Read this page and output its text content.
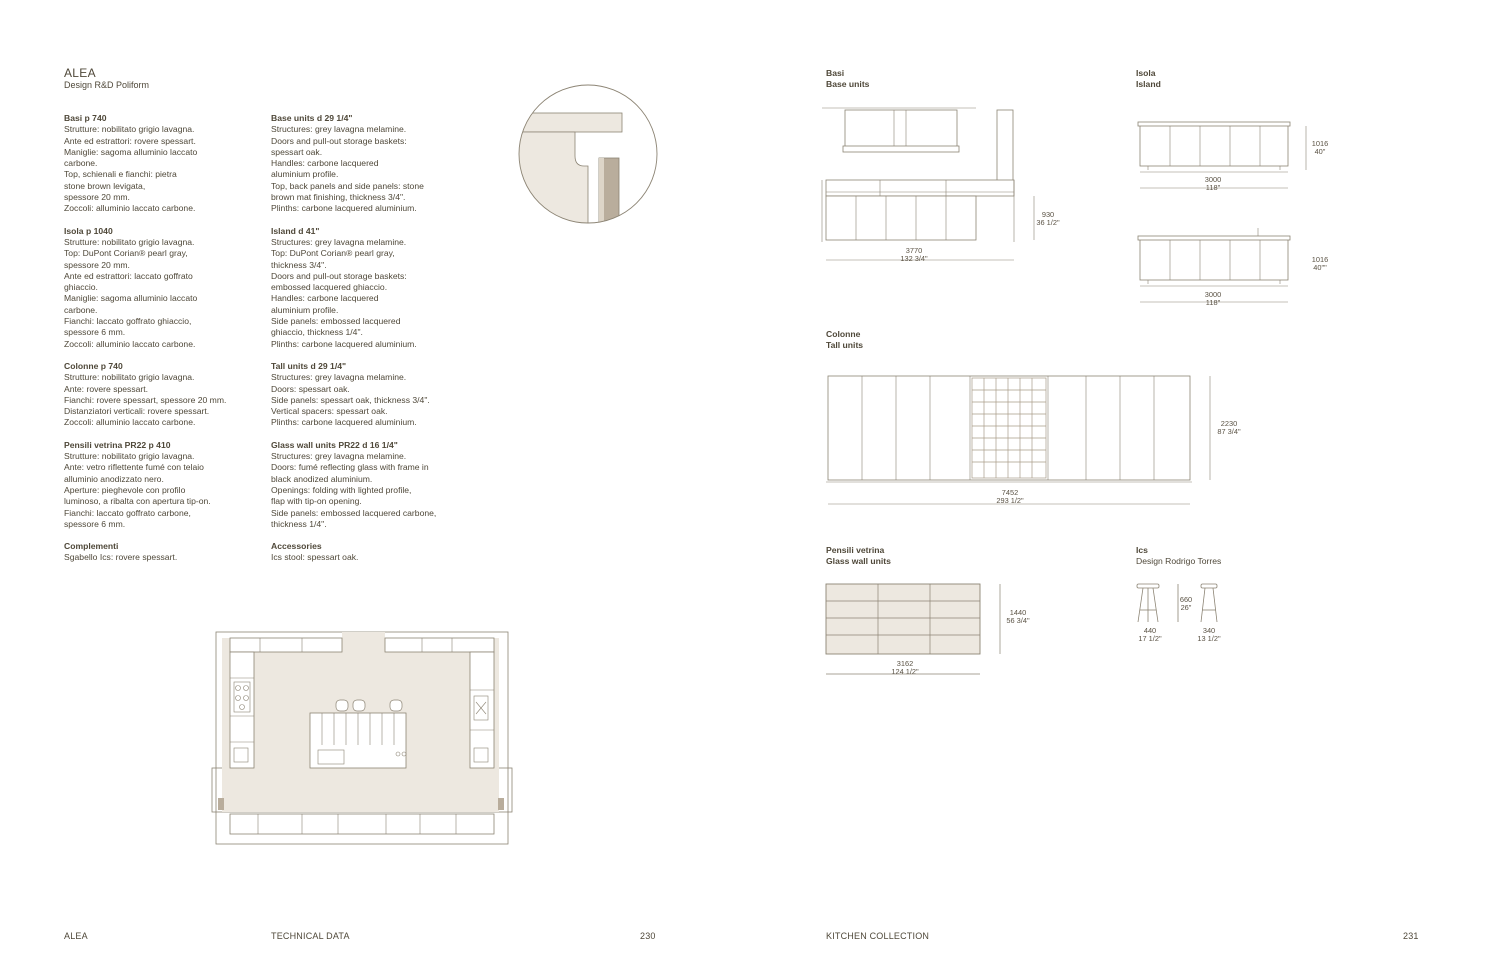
ALEA
Design R&D Poliform
Basi p 740
Strutture: nobilitato grigio lavagna.
Ante ed estrattori: rovere spessart.
Maniglie: sagoma alluminio laccato
carbone.
Top, schienali e fianchi: pietra
stone brown levigata,
spessore 20 mm.
Zoccoli: alluminio laccato carbone.
Isola p 1040
Strutture: nobilitato grigio lavagna.
Top: DuPont Corian® pearl gray,
spessore 20 mm.
Ante ed estrattori: laccato goffrato
ghiaccio.
Maniglie: sagoma alluminio laccato
carbone.
Fianchi: laccato goffrato ghiaccio,
spessore 6 mm.
Zoccoli: alluminio laccato carbone.
Colonne p 740
Strutture: nobilitato grigio lavagna.
Ante: rovere spessart.
Fianchi: rovere spessart, spessore 20 mm.
Distanziatori verticali: rovere spessart.
Zoccoli: alluminio laccato carbone.
Pensili vetrina PR22 p 410
Strutture: nobilitato grigio lavagna.
Ante: vetro riflettente fumé con telaio
alluminio anodizzato nero.
Aperture: pieghevole con profilo
luminoso, a ribalta con apertura tip-on.
Fianchi: laccato goffrato carbone,
spessore 6 mm.
Complementi
Sgabello Ics: rovere spessart.
Base units d 29 1/4"
Structures: grey lavagna melamine.
Doors and pull-out storage baskets:
spessart oak.
Handles: carbone lacquered
aluminium profile.
Top, back panels and side panels: stone
brown mat finishing, thickness 3/4".
Plinths: carbone lacquered aluminium.
Island d 41"
Structures: grey lavagna melamine.
Top: DuPont Corian® pearl gray,
thickness 3/4".
Doors and pull-out storage baskets:
embossed lacquered ghiaccio.
Handles: carbone lacquered
aluminium profile.
Side panels: embossed lacquered
ghiaccio, thickness 1/4".
Plinths: carbone lacquered aluminium.
Tall units d 29 1/4"
Structures: grey lavagna melamine.
Doors: spessart oak.
Side panels: spessart oak, thickness 3/4".
Vertical spacers: spessart oak.
Plinths: carbone lacquered aluminium.
Glass wall units PR22 d 16 1/4"
Structures: grey lavagna melamine.
Doors: fumé reflecting glass with frame in
black anodized aluminium.
Openings: folding with lighted profile,
flap with tip-on opening.
Side panels: embossed lacquered carbone,
thickness 1/4".
Accessories
Ics stool: spessart oak.
Basi
Base units
3770
132 3/4"
930
36 1/2"
Isola
Island
3000
118"
1016
40"
3000
118"
1016
40""
Colonne
Tall units
7452
293 1/2"
2230
87 3/4"
Pensili vetrina
Glass wall units
3162
124 1/2"
1440
56 3/4"
Ics
Design Rodrigo Torres
660
26"
440
17 1/2"
340
13 1/2"
ALEA	TECHNICAL DATA	230	KITCHEN COLLECTION	231
